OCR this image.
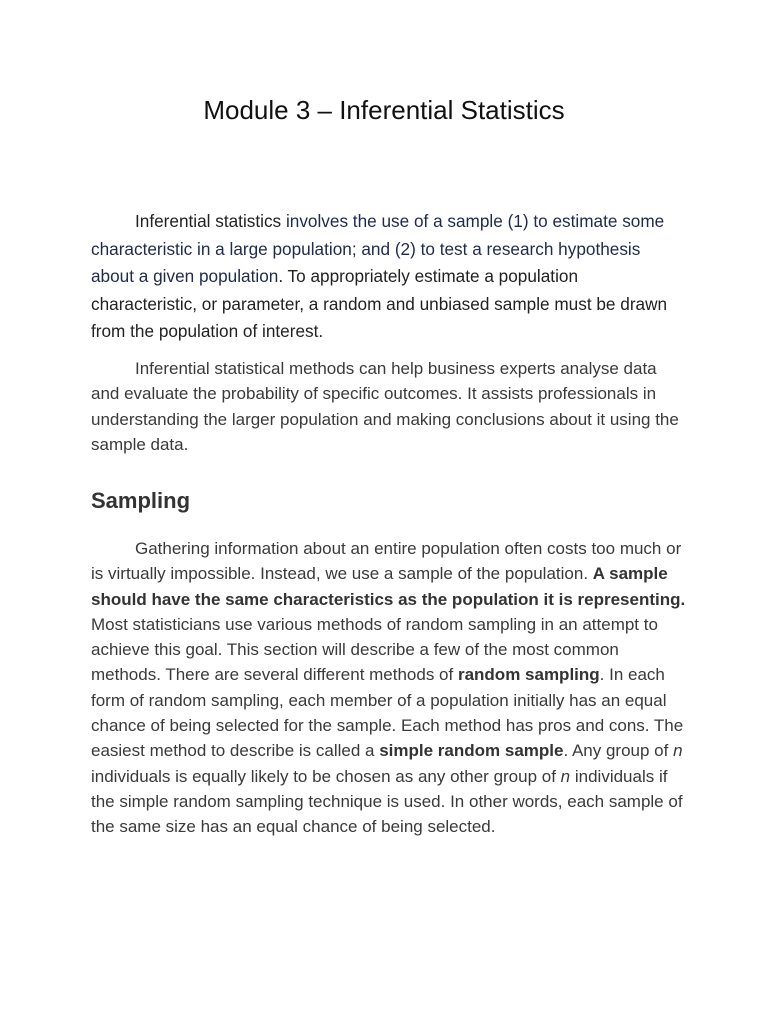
Module 3 – Inferential Statistics

Inferential statistics involves the use of a sample (1) to estimate some characteristic in a large population; and (2) to test a research hypothesis about a given population. To appropriately estimate a population characteristic, or parameter, a random and unbiased sample must be drawn from the population of interest.

Inferential statistical methods can help business experts analyse data and evaluate the probability of specific outcomes. It assists professionals in understanding the larger population and making conclusions about it using the sample data.

Sampling

Gathering information about an entire population often costs too much or is virtually impossible. Instead, we use a sample of the population. A sample should have the same characteristics as the population it is representing. Most statisticians use various methods of random sampling in an attempt to achieve this goal. This section will describe a few of the most common methods. There are several different methods of random sampling. In each form of random sampling, each member of a population initially has an equal chance of being selected for the sample. Each method has pros and cons. The easiest method to describe is called a simple random sample. Any group of n individuals is equally likely to be chosen as any other group of n individuals if the simple random sampling technique is used. In other words, each sample of the same size has an equal chance of being selected.
